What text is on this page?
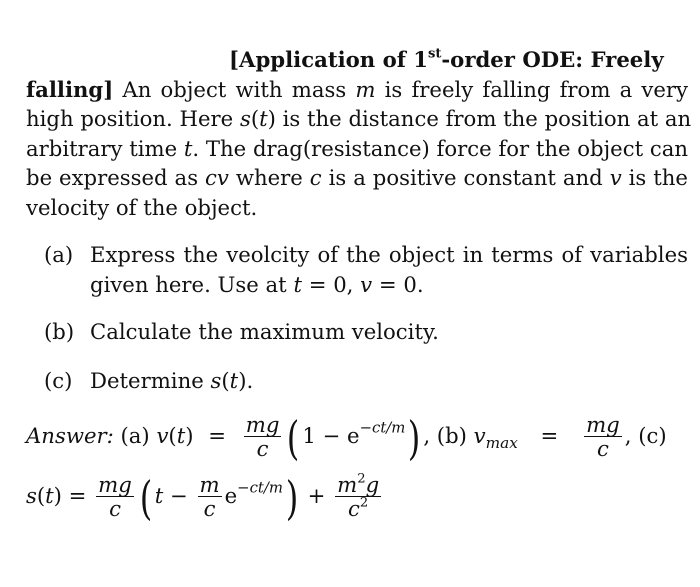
[Application of 1st-order ODE: Freely
falling] An object with mass m is freely falling from a very
high position. Here s(t) is the distance from the position at an
arbitrary time t. The drag(resistance) force for the object can
be expressed as cv where c is a positive constant and v is the
velocity of the object.
(a) Express the veolcity of the object in terms of variables
given here. Use at t = 0, v = 0.
(b) Calculate the maximum velocity.
(c) Determine s(t).
Answer: (a) $v(t) = \frac{mg}{c}$ ( $1 - e^{-ct/m}$) , (b) $v_{max} = \frac{mg}{c}$ , (c)
$s(t) = \frac{mg}{c}$ ( $t - \frac{m}{c} e^{-ct/m}) + \frac{m^2g}{c^2}$
